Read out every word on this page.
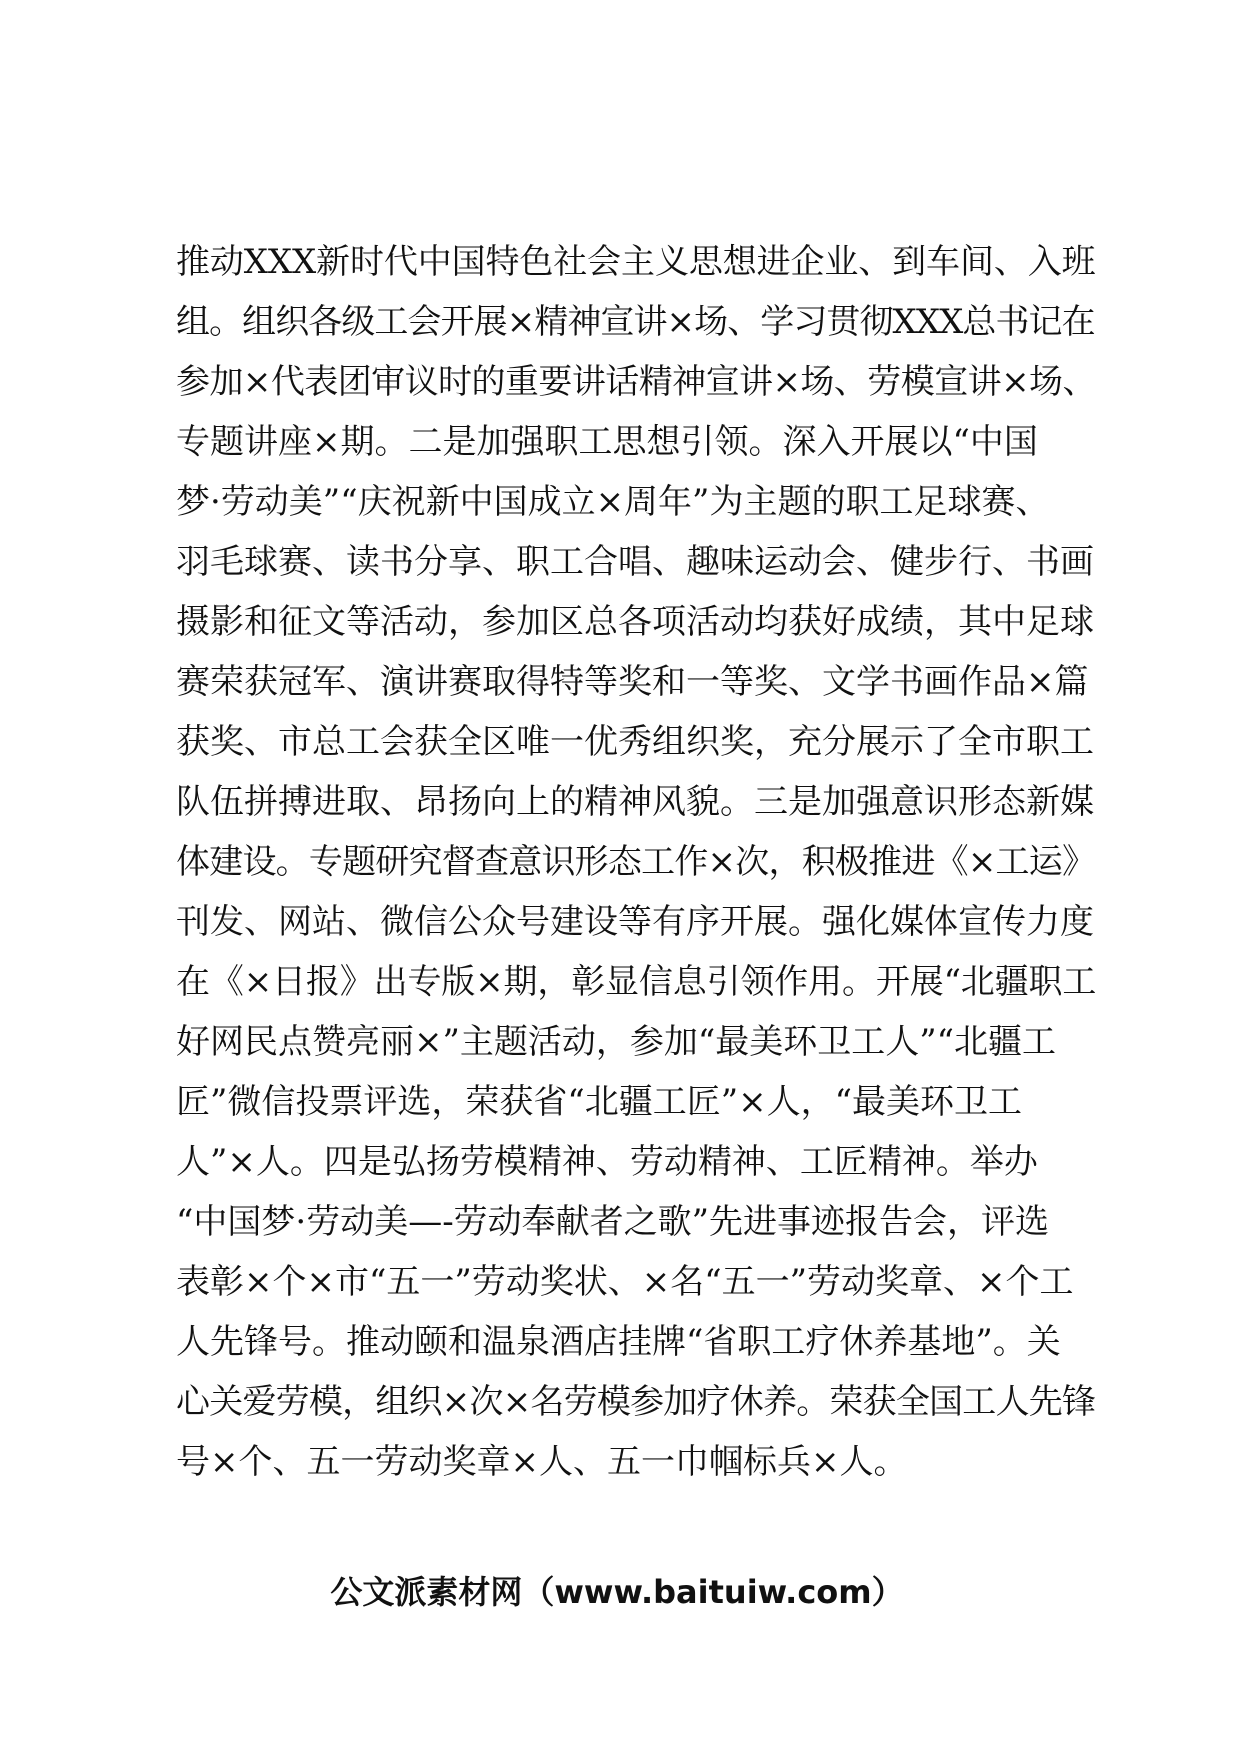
推动XXX新时代中国特色社会主义思想进企业、到车间、入班
组。组织各级工会开展×精神宣讲×场、学习贯彻XXX总书记在
参加×代表团审议时的重要讲话精神宣讲×场、劳模宣讲×场、
专题讲座×期。二是加强职工思想引领。深入开展以“中国
梦·劳动美”“庆祝新中国成立×周年”为主题的职工足球赛、
羽毛球赛、读书分享、职工合唱、趣味运动会、健步行、书画
摄影和征文等活动，参加区总各项活动均获好成绩，其中足球
赛荣获冠军、演讲赛取得特等奖和一等奖、文学书画作品×篇
获奖、市总工会获全区唯一优秀组织奖，充分展示了全市职工
队伍拼搏进取、昂扬向上的精神风貌。三是加强意识形态新媒
体建设。专题研究督查意识形态工作×次，积极推进《×工运》
刊发、网站、微信公众号建设等有序开展。强化媒体宣传力度
在《×日报》出专版×期，彰显信息引领作用。开展“北疆职工
好网民点赞亮丽×”主题活动，参加“最美环卫工人”“北疆工
匠”微信投票评选，荣获省“北疆工匠”×人，“最美环卫工
人”×人。四是弘扬劳模精神、劳动精神、工匠精神。举办
“中国梦·劳动美—-劳动奉献者之歌”先进事迹报告会，评选
表彰×个×市“五一”劳动奖状、×名“五一”劳动奖章、×个工
人先锋号。推动颐和温泉酒店挂牌“省职工疗休养基地”。关
心关爱劳模，组织×次×名劳模参加疗休养。荣获全国工人先锋
号×个、五一劳动奖章×人、五一巾帼标兵×人。
公文派素材网（www.baituiw.com）
